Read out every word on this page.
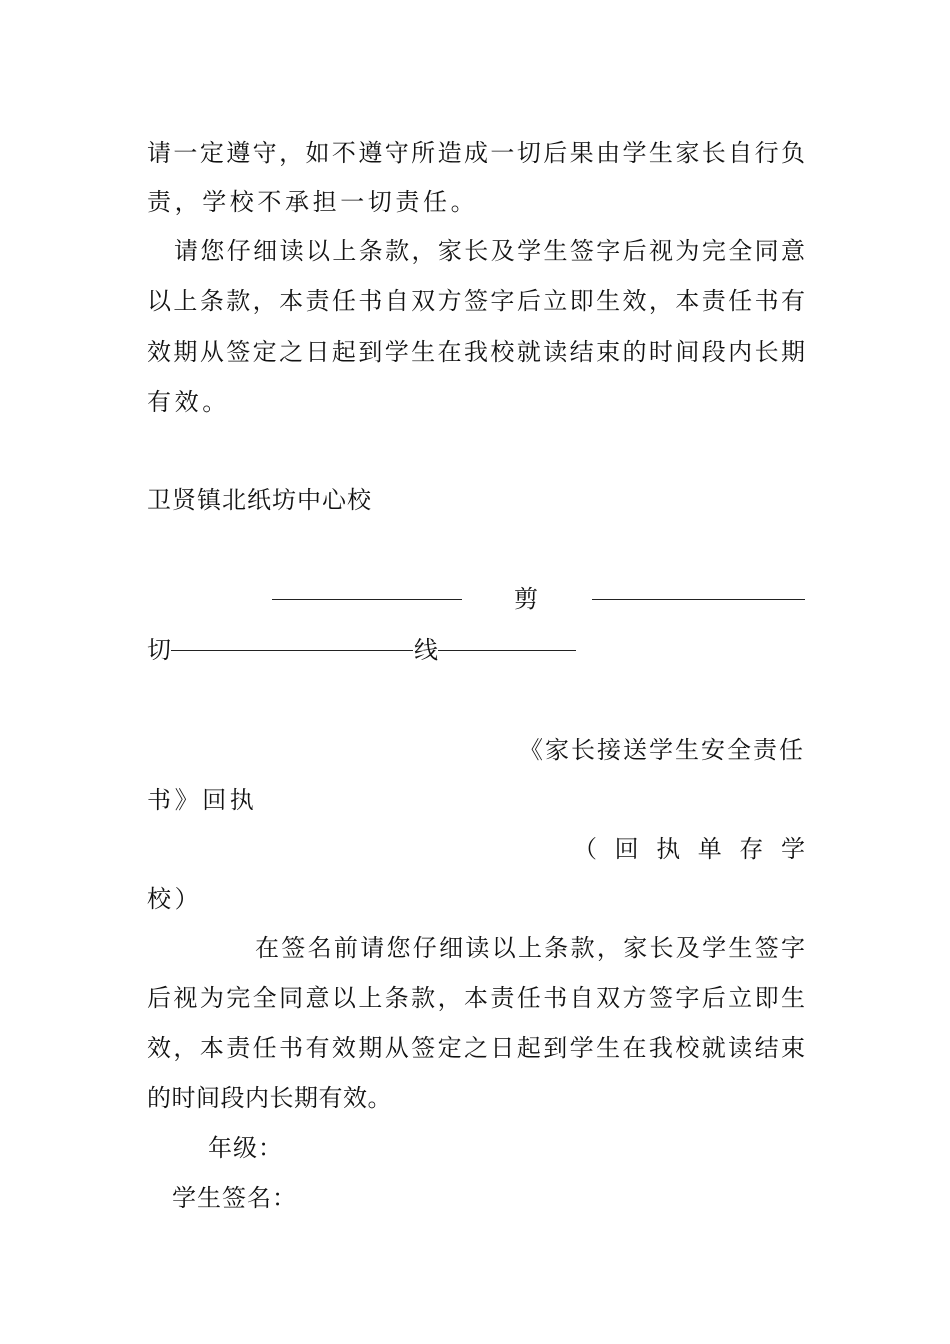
请一定遵守，如不遵守所造成一切后果由学生家长自行负
责，学校不承担一切责任。
请您仔细读以上条款，家长及学生签字后视为完全同意
以上条款，本责任书自双方签字后立即生效，本责任书有
效期从签定之日起到学生在我校就读结束的时间段内长期
有效。
卫贤镇北纸坊中心校
剪
切	线
《家长接送学生安全责任
书》回执
（ 回 执 单 存 学
校）
在签名前请您仔细读以上条款，家长及学生签字
后视为完全同意以上条款，本责任书自双方签字后立即生
效，本责任书有效期从签定之日起到学生在我校就读结束
的时间段内长期有效。
年级：
学生签名：
